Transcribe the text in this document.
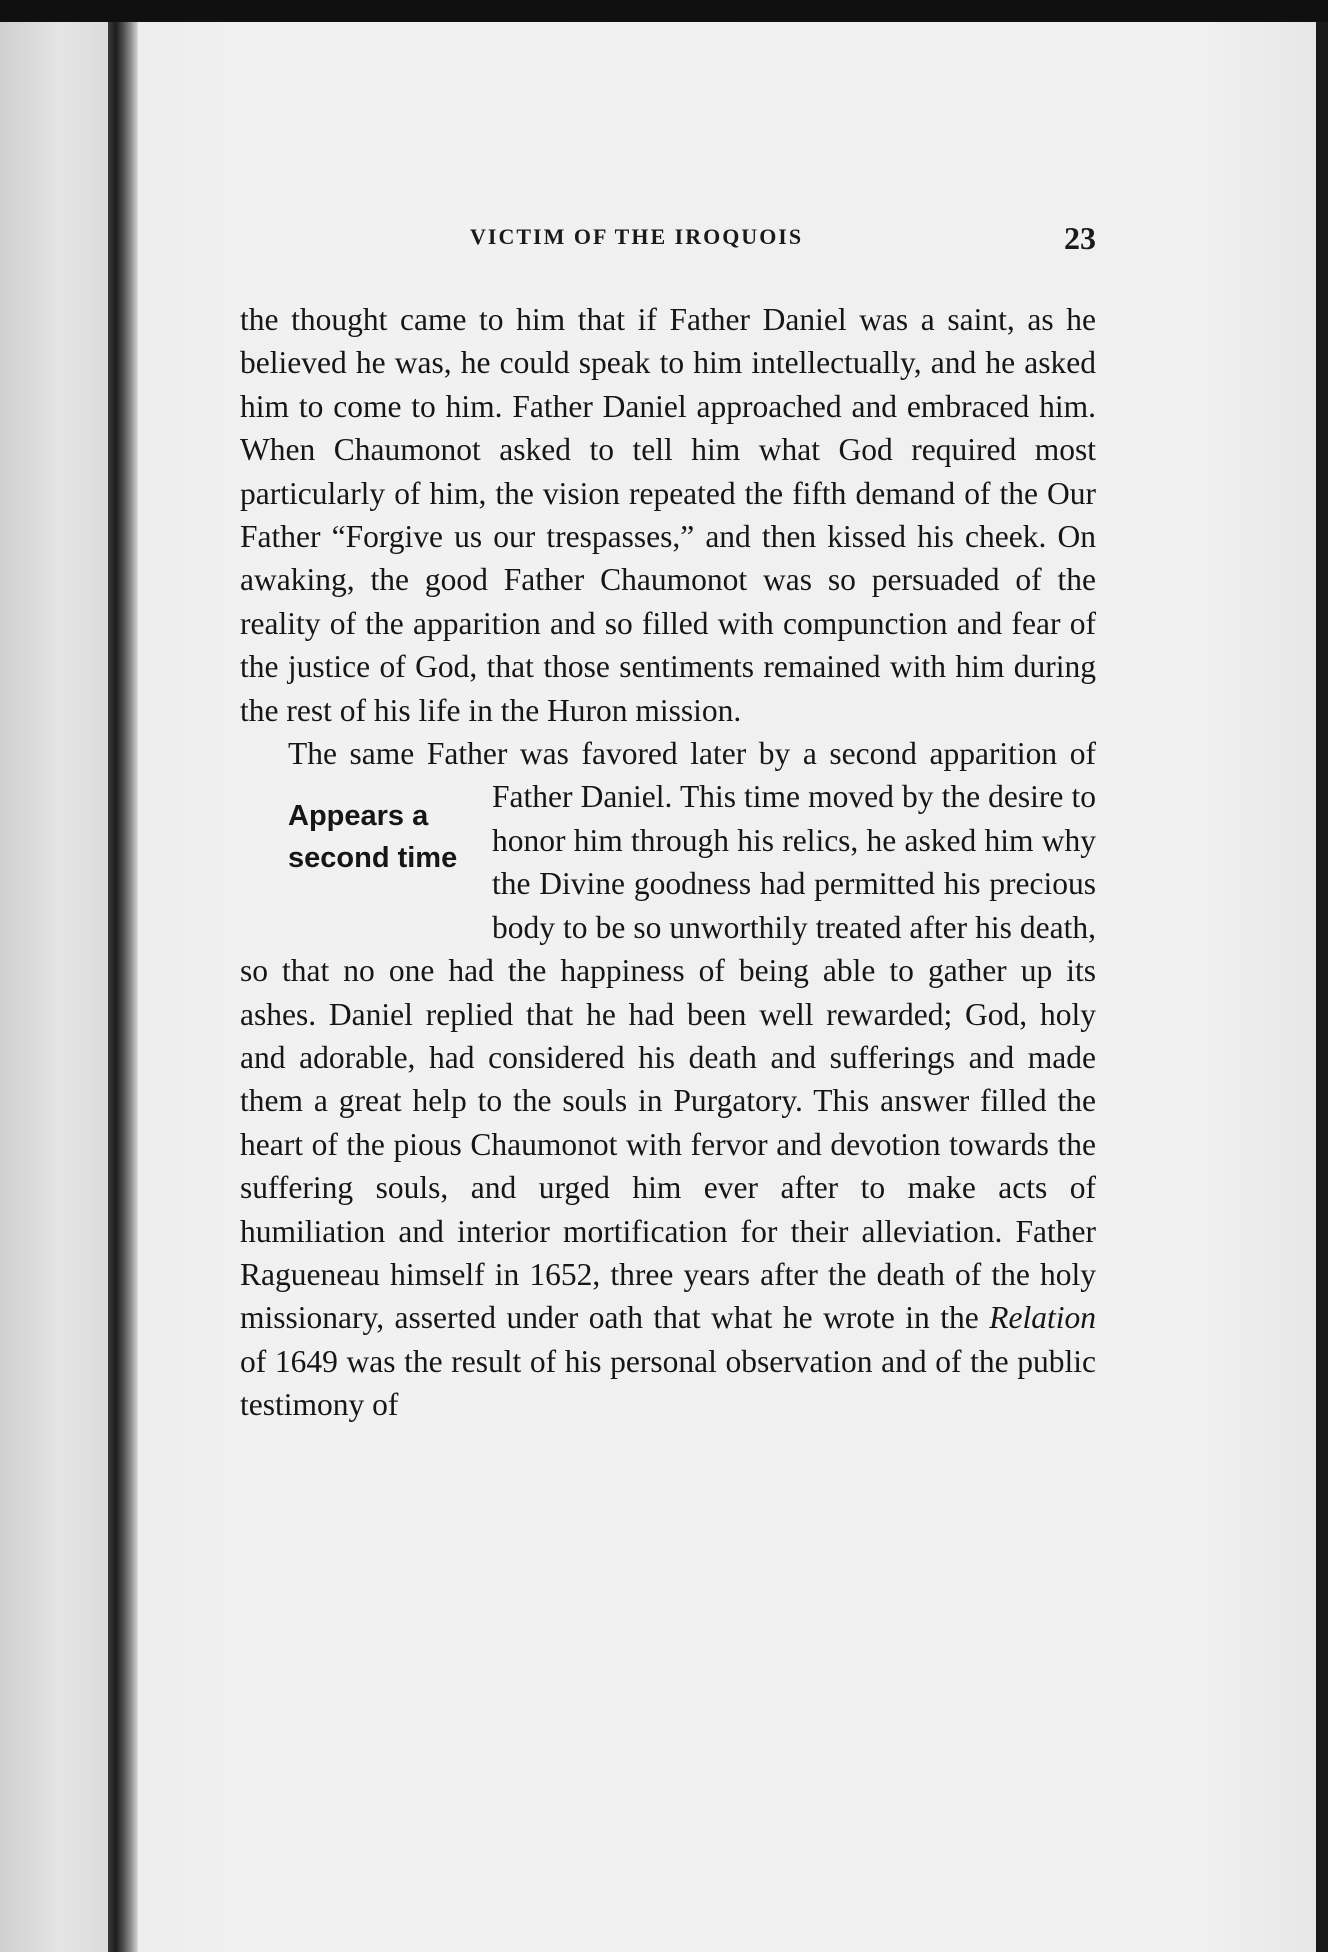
VICTIM OF THE IROQUOIS	23

the thought came to him that if Father Daniel was a saint, as he believed he was, he could speak to him intellectually, and he asked him to come to him. Father Daniel approached and embraced him. When Chaumonot asked to tell him what God required most particularly of him, the vision repeated the fifth demand of the Our Father “Forgive us our trespasses,” and then kissed his cheek. On awaking, the good Father Chaumonot was so persuaded of the reality of the apparition and so filled with compunction and fear of the justice of God, that those sentiments remained with him during the rest of his life in the Huron mission.

The same Father was favored later by a second apparition of Father Daniel. This time moved by
Appears a
second time
the desire to honor him through his relics, he asked him why the Divine goodness had permitted his precious body to be so unworthily treated after his death, so that no one had the happiness of being able to gather up its ashes. Daniel replied that he had been well rewarded; God, holy and adorable, had considered his death and sufferings and made them a great help to the souls in Purgatory. This answer filled the heart of the pious Chaumonot with fervor and devotion towards the suffering souls, and urged him ever after to make acts of humiliation and interior mortification for their alleviation. Father Ragueneau himself in 1652, three years after the death of the holy missionary, asserted under oath that what he wrote in the Relation of 1649 was the result of his personal observation and of the public testimony of
